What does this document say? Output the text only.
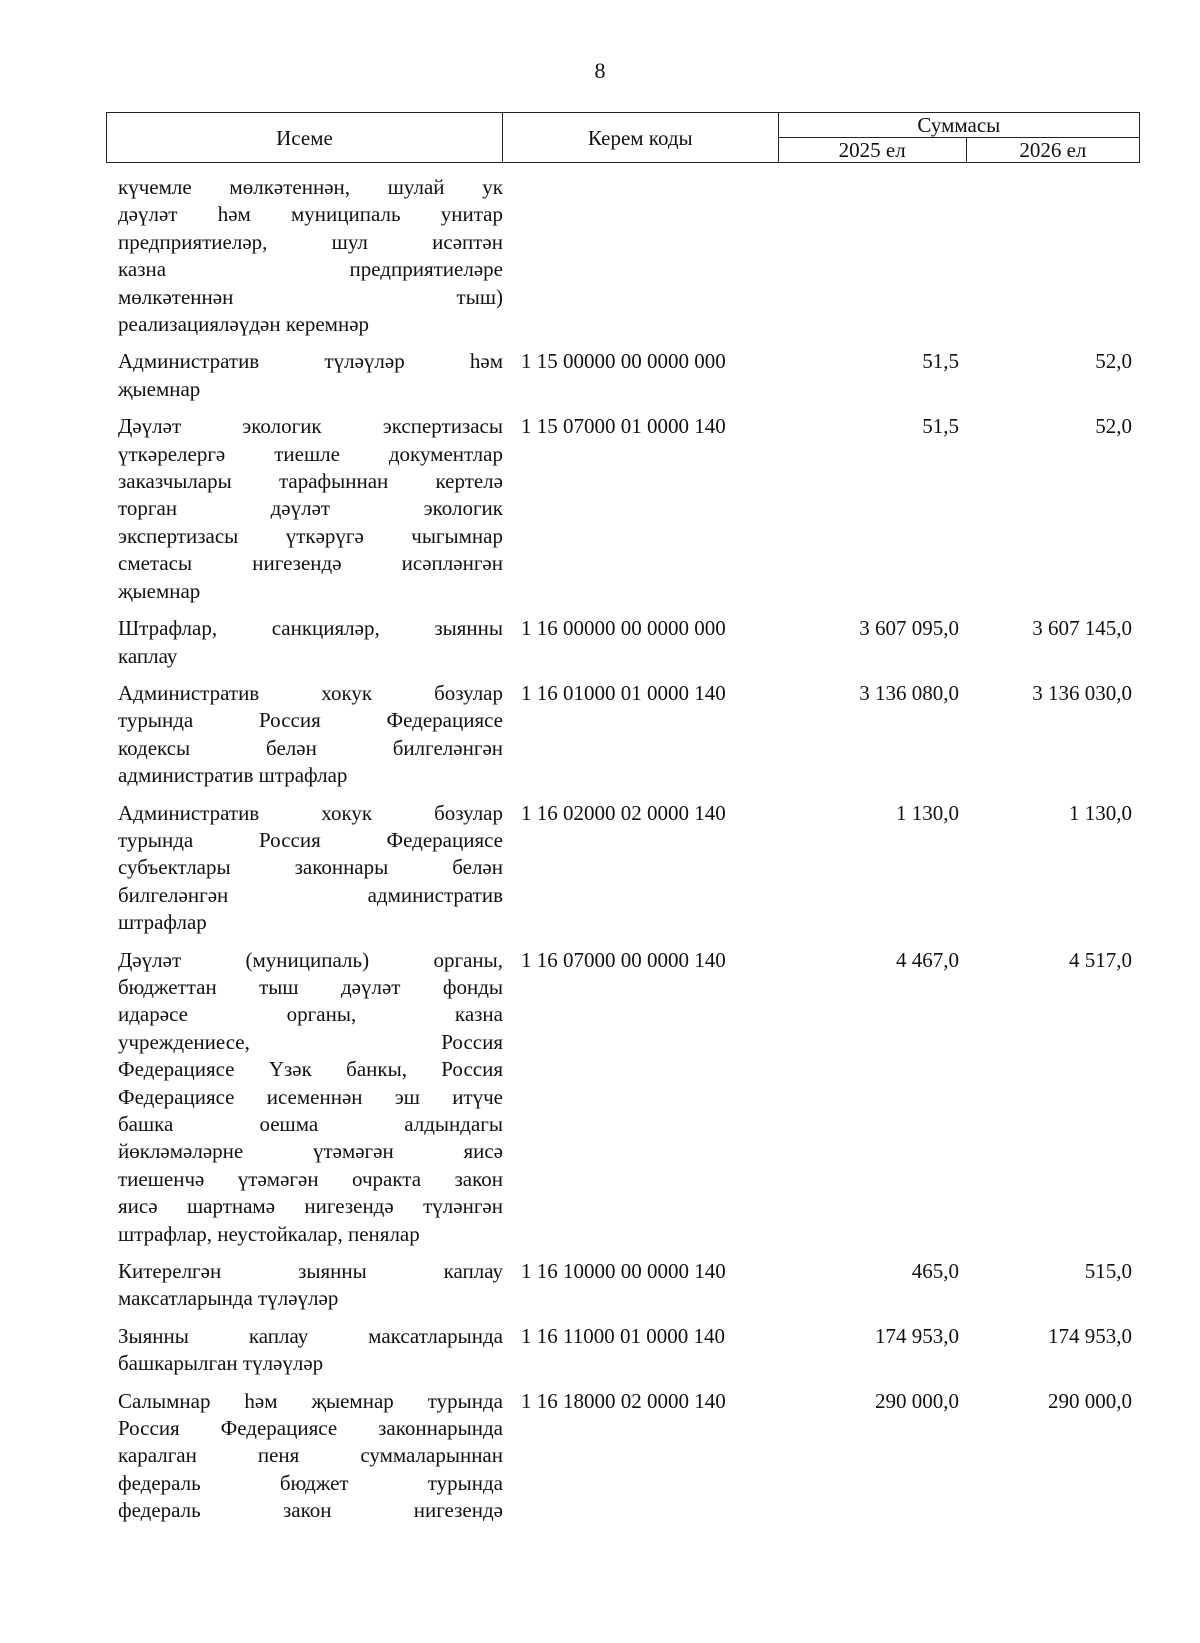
8
Исеме	Керем коды	Суммасы	
		2025 ел	2026 ел
күчемле мөлкәтеннән, шулай ук
дәүләт һәм муниципаль унитар
предприятиеләр, шул исәптән
казна предприятиеләре
мөлкәтеннән тыш)
реализацияләүдән керемнәр
Административ түләүләр һәм
җыемнар
1 15 00000 00 0000 000	51,5	52,0
Дәүләт экологик экспертизасы
үткәрелергә тиешле документлар
заказчылары тарафыннан кертелә
торган дәүләт экологик
экспертизасы үткәрүгә чыгымнар
сметасы нигезендә исәпләнгән
җыемнар
1 15 07000 01 0000 140	51,5	52,0
Штрафлар, санкцияләр, зыянны
каплау
1 16 00000 00 0000 000	3 607 095,0	3 607 145,0
Административ хокук бозулар
турында Россия Федерациясе
кодексы белән билгеләнгән
административ штрафлар
1 16 01000 01 0000 140	3 136 080,0	3 136 030,0
Административ хокук бозулар
турында Россия Федерациясе
субъектлары законнары белән
билгеләнгән административ
штрафлар
1 16 02000 02 0000 140	1 130,0	1 130,0
Дәүләт (муниципаль) органы,
бюджеттан тыш дәүләт фонды
идарәсе органы, казна
учреждениесе, Россия
Федерациясе Үзәк банкы, Россия
Федерациясе исеменнән эш итүче
башка оешма алдындагы
йөкләмәләрне үтәмәгән яисә
тиешенчә үтәмәгән очракта закон
яисә шартнамә нигезендә түләнгән
штрафлар, неустойкалар, пенялар
1 16 07000 00 0000 140	4 467,0	4 517,0
Китерелгән зыянны каплау
максатларында түләүләр
1 16 10000 00 0000 140	465,0	515,0
Зыянны каплау максатларында
башкарылган түләүләр
1 16 11000 01 0000 140	174 953,0	174 953,0
Салымнар һәм җыемнар турында
Россия Федерациясе законнарында
каралган пеня суммаларыннан
федераль бюджет турында
федераль закон нигезендә
1 16 18000 02 0000 140	290 000,0	290 000,0
